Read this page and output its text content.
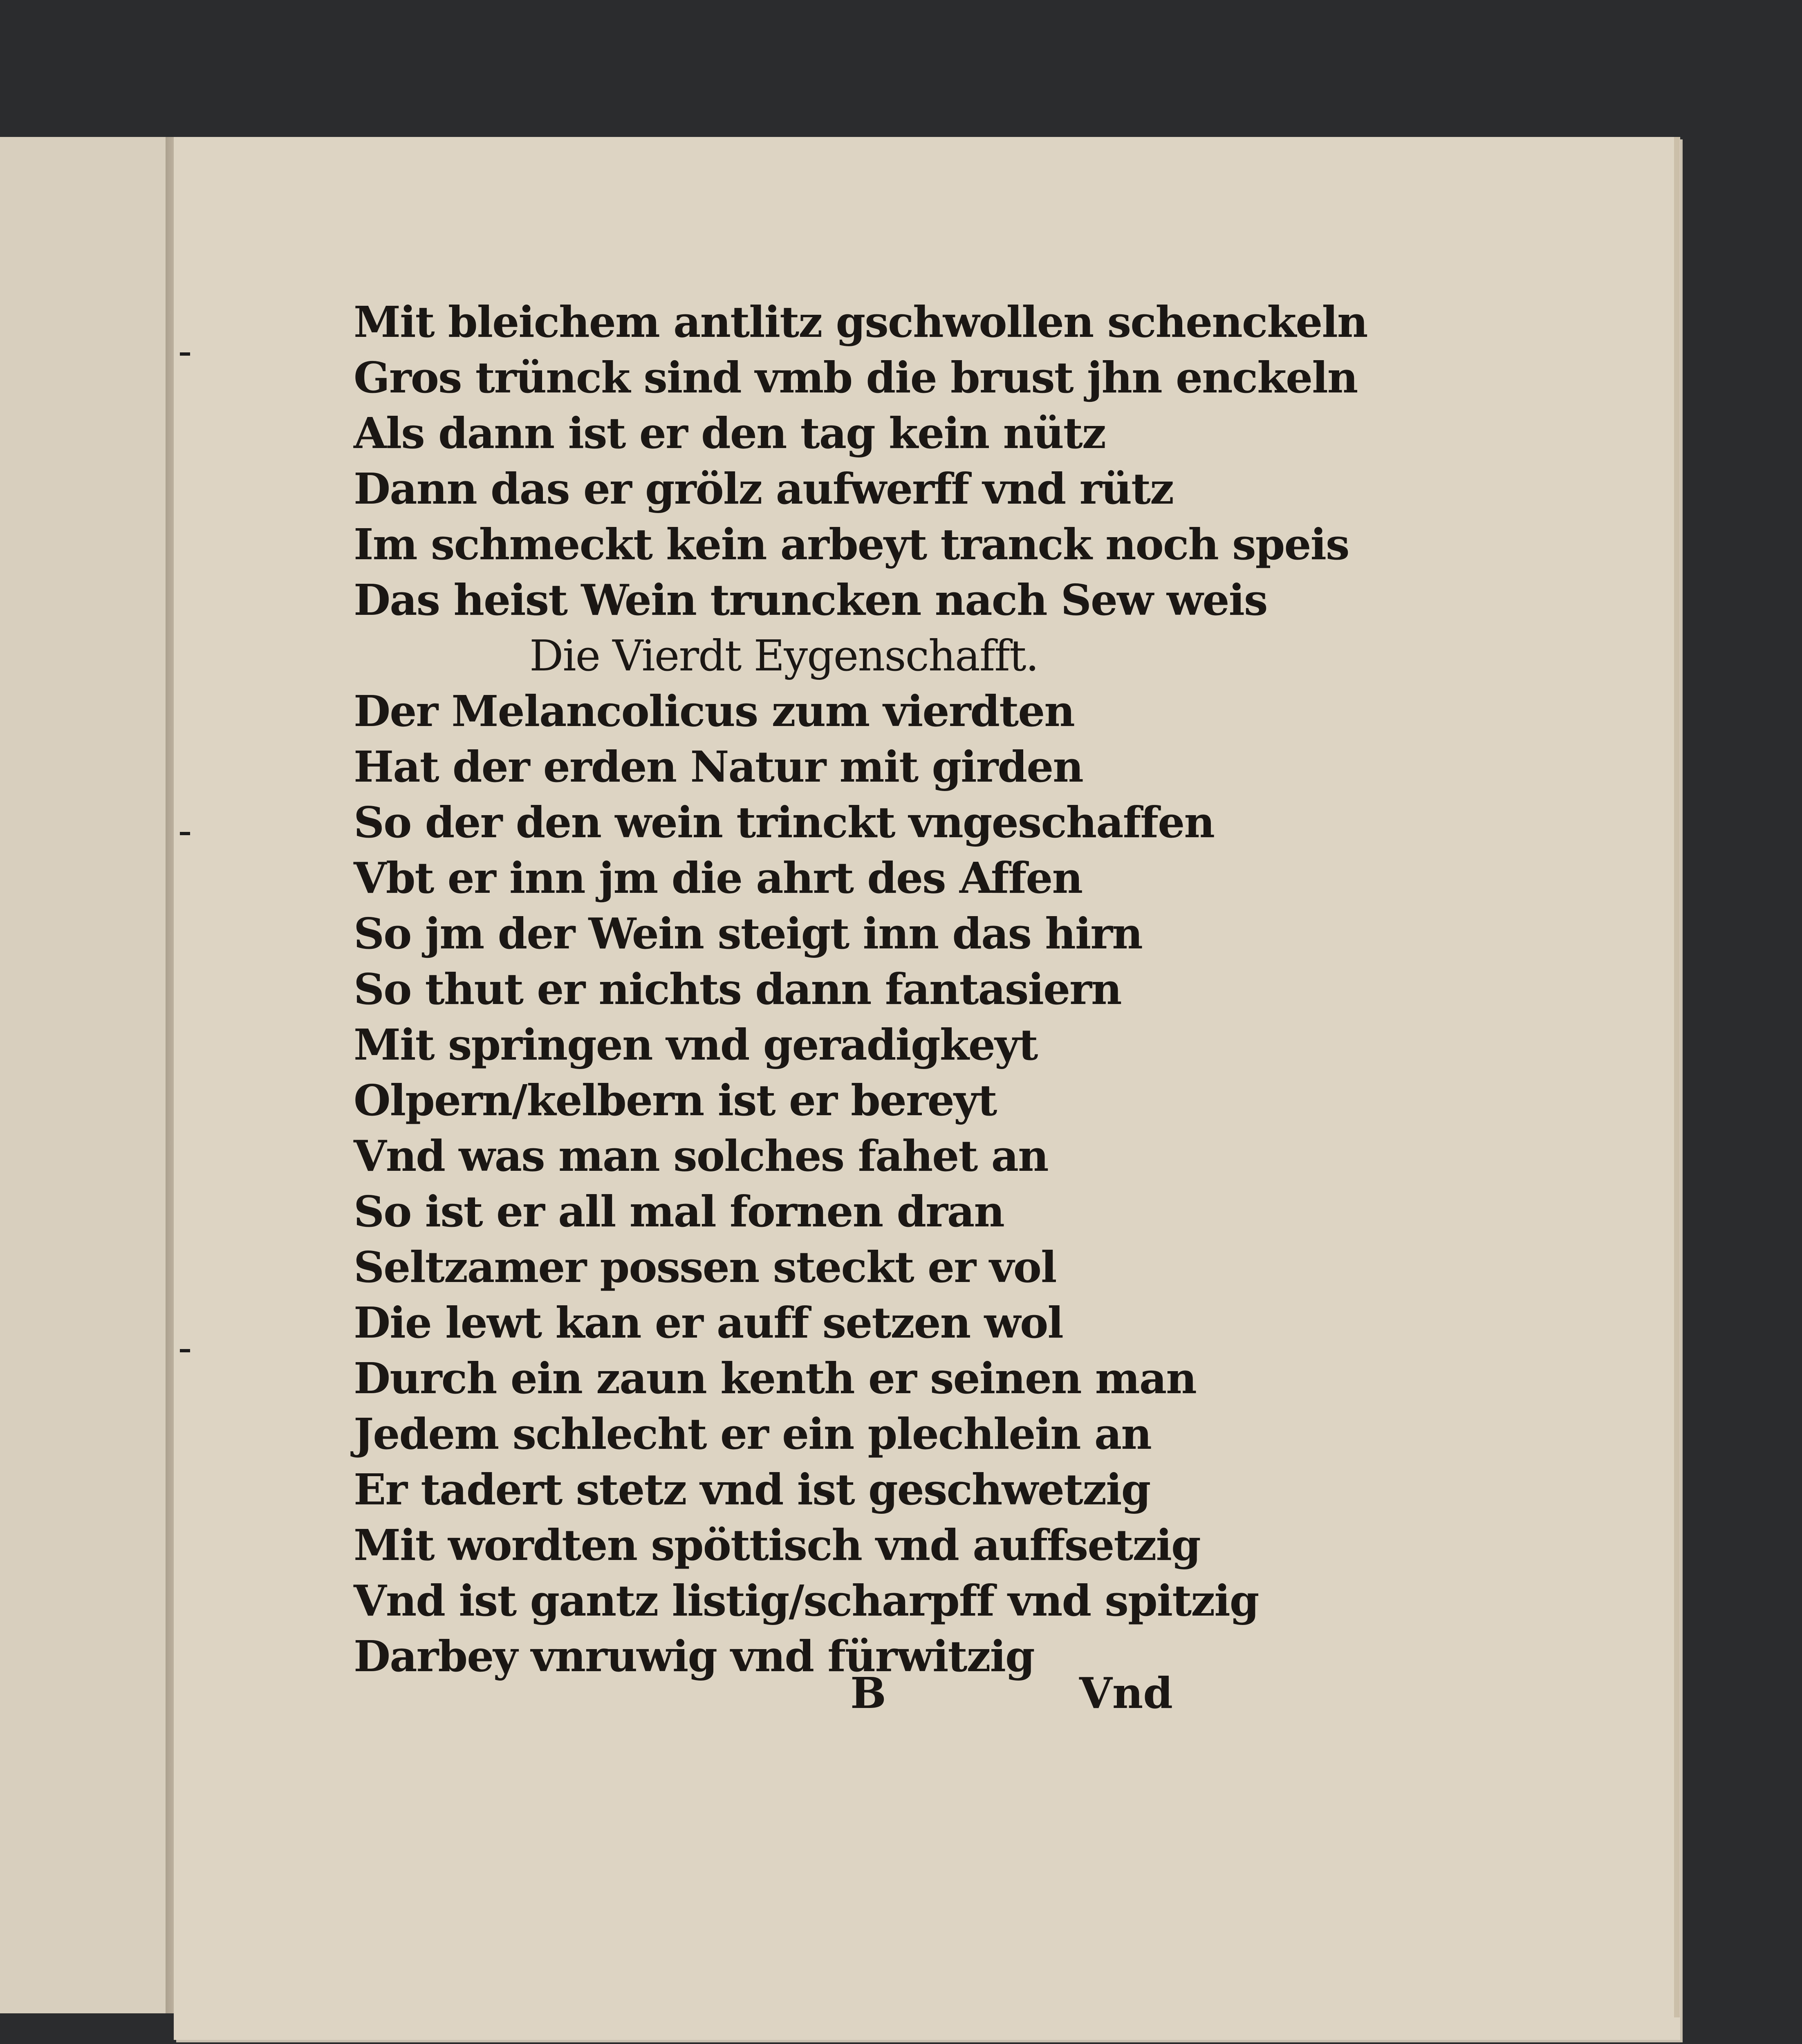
Mit bleichem antlitz gschwollen schenckeln
Gros trünck sind vmb die brust jhn enckeln
Als dann ist er den tag kein nütz
Dann das er grölz aufwerff vnd rütz
Im schmeckt kein arbeyt tranck noch speis
Das heist Wein truncken nach Sew weis
Die Vierdt Eygenschafft.
Der Melancolicus zum vierdten
Hat der erden Natur mit girden
So der den wein trinckt vngeschaffen
Vbt er inn jm die ahrt des Affen
So jm der Wein steigt inn das hirn
So thut er nichts dann fantasiern
Mit springen vnd geradigkeyt
Olpern/kelbern ist er bereyt
Vnd was man solches fahet an
So ist er all mal fornen dran
Seltzamer possen steckt er vol
Die lewt kan er auff setzen wol
Durch ein zaun kenth er seinen man
Jedem schlecht er ein plechlein an
Er tadert stetz vnd ist geschwetzig
Mit wordten spöttisch vnd auffsetzig
Vnd ist gantz listig/scharpff vnd spitzig
Darbey vnruwig vnd fürwitzig
B	Vnd
